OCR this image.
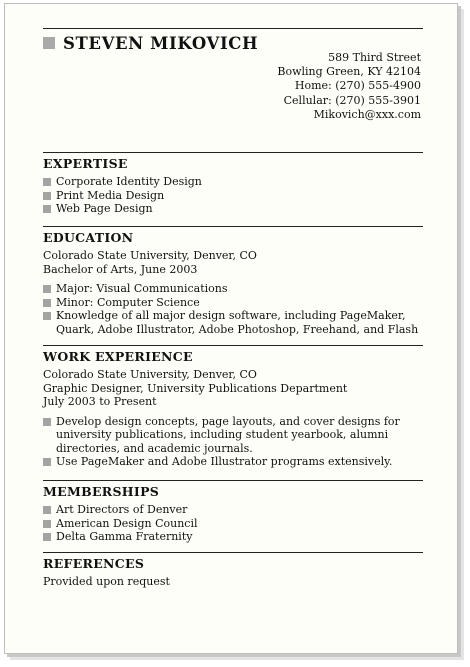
STEVEN MIKOVICH
589 Third Street
Bowling Green, KY 42104
Home: (270) 555-4900
Cellular: (270) 555-3901
Mikovich@xxx.com
EXPERTISE
Corporate Identity Design
Print Media Design
Web Page Design
EDUCATION
Colorado State University, Denver, CO
Bachelor of Arts, June 2003
Major: Visual Communications
Minor: Computer Science
Knowledge of all major design software, including PageMaker, Quark, Adobe Illustrator, Adobe Photoshop, Freehand, and Flash
WORK EXPERIENCE
Colorado State University, Denver, CO
Graphic Designer, University Publications Department
July 2003 to Present
Develop design concepts, page layouts, and cover designs for university publications, including student yearbook, alumni directories, and academic journals.
Use PageMaker and Adobe Illustrator programs extensively.
MEMBERSHIPS
Art Directors of Denver
American Design Council
Delta Gamma Fraternity
REFERENCES
Provided upon request
